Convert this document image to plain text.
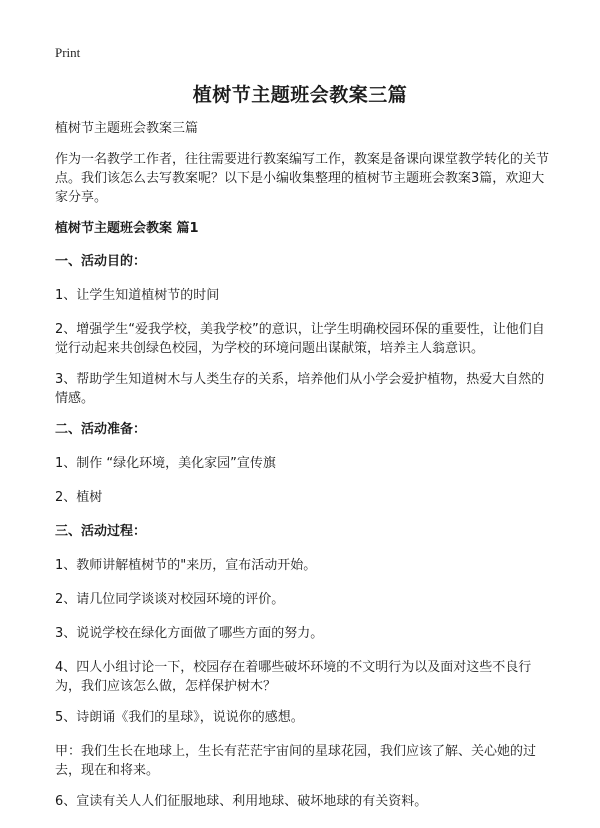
Print
植树节主题班会教案三篇

植树节主题班会教案三篇

作为一名教学工作者，往往需要进行教案编写工作，教案是备课向课堂教学转化的关节点。我们该怎么去写教案呢？以下是小编收集整理的植树节主题班会教案3篇，欢迎大家分享。

植树节主题班会教案 篇1

一、活动目的：

1、让学生知道植树节的时间

2、增强学生“爱我学校，美我学校”的意识，让学生明确校园环保的重要性，让他们自觉行动起来共创绿色校园，为学校的环境问题出谋献策，培养主人翁意识。

3、帮助学生知道树木与人类生存的关系，培养他们从小学会爱护植物，热爱大自然的情感。

二、活动准备：

1、制作 “绿化环境，美化家园”宣传旗

2、植树

三、活动过程：

1、教师讲解植树节的"来历，宣布活动开始。

2、请几位同学谈谈对校园环境的评价。

3、说说学校在绿化方面做了哪些方面的努力。

4、四人小组讨论一下，校园存在着哪些破坏环境的不文明行为以及面对这些不良行为，我们应该怎么做，怎样保护树木？

5、诗朗诵《我们的星球》，说说你的感想。

甲：我们生长在地球上，生长有茫茫宇宙间的星球花园，我们应该了解、关心她的过去，现在和将来。

6、宣读有关人人们征服地球、利用地球、破坏地球的有关资料。
